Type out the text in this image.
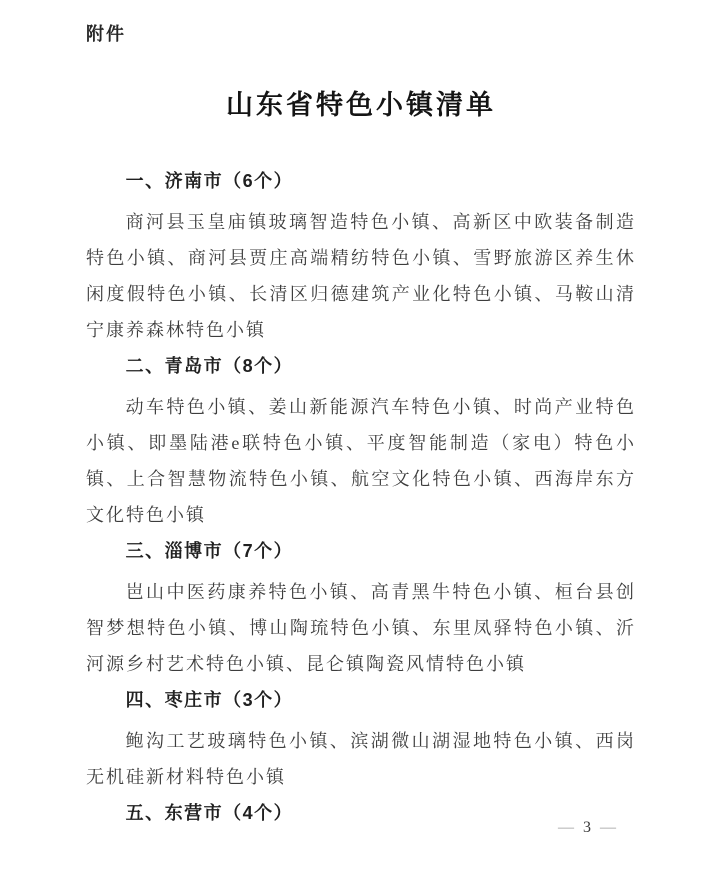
附件
山东省特色小镇清单
一、济南市（6个）

商河县玉皇庙镇玻璃智造特色小镇、高新区中欧装备制造特色小镇、商河县贾庄高端精纺特色小镇、雪野旅游区养生休闲度假特色小镇、长清区归德建筑产业化特色小镇、马鞍山清宁康养森林特色小镇

二、青岛市（8个）

动车特色小镇、姜山新能源汽车特色小镇、时尚产业特色小镇、即墨陆港e联特色小镇、平度智能制造（家电）特色小镇、上合智慧物流特色小镇、航空文化特色小镇、西海岸东方文化特色小镇

三、淄博市（7个）

岜山中医药康养特色小镇、高青黑牛特色小镇、桓台县创智梦想特色小镇、博山陶琉特色小镇、东里凤驿特色小镇、沂河源乡村艺术特色小镇、昆仑镇陶瓷风情特色小镇

四、枣庄市（3个）

鲍沟工艺玻璃特色小镇、滨湖微山湖湿地特色小镇、西岗无机硅新材料特色小镇

五、东营市（4个）

— 3 —
